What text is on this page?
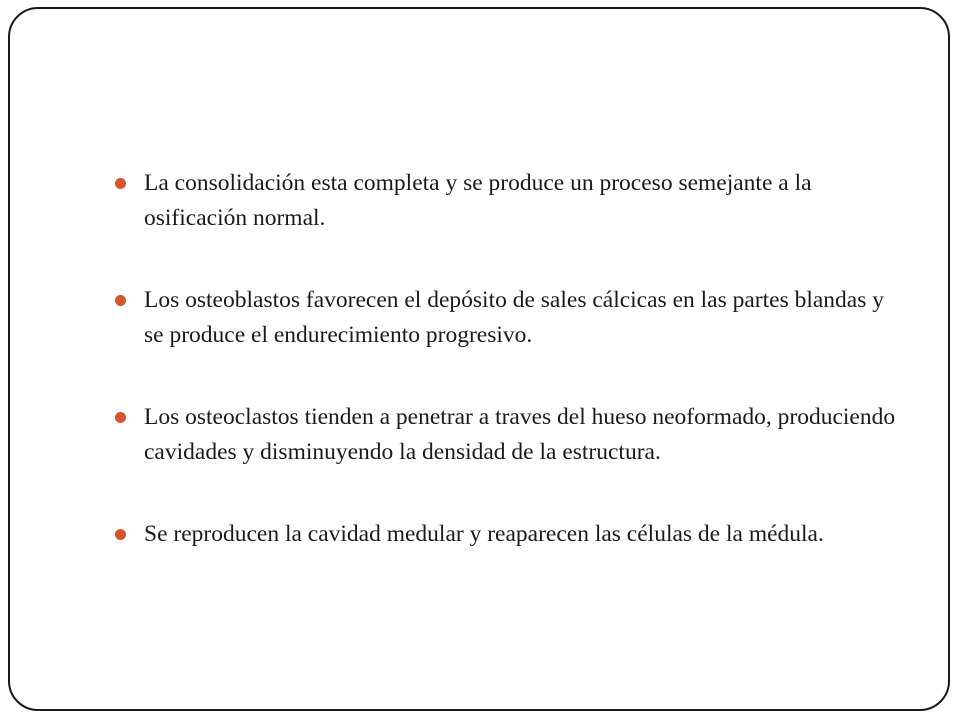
La consolidación esta completa y se produce un proceso semejante a la osificación normal.
Los osteoblastos favorecen el depósito de sales cálcicas en las partes blandas y se produce el endurecimiento progresivo.
Los osteoclastos tienden a penetrar a traves del hueso neoformado, produciendo cavidades y disminuyendo la densidad de la estructura.
Se reproducen la cavidad medular y reaparecen las células de la médula.
